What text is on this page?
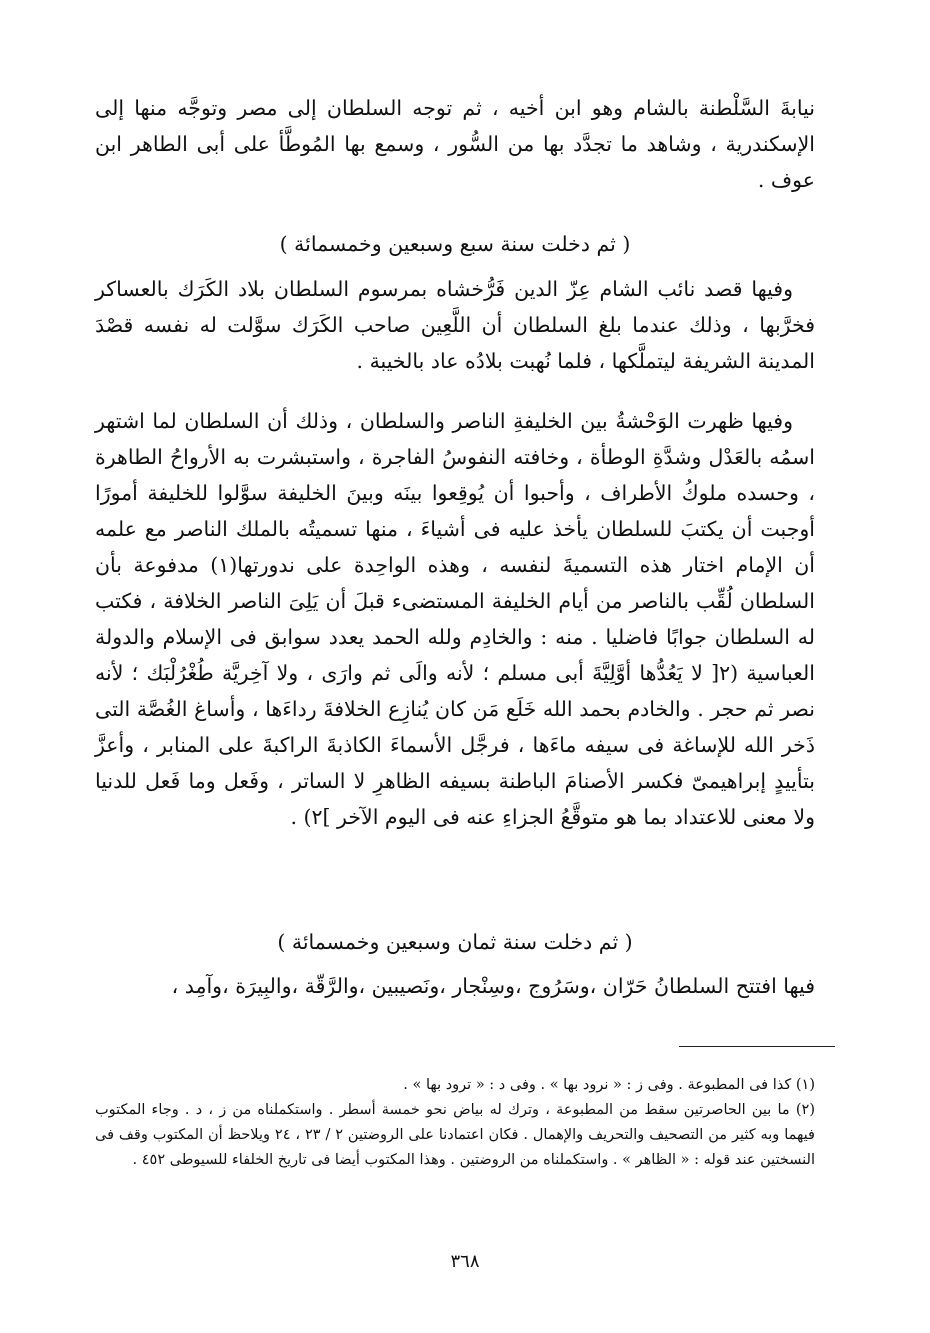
نيابةَ السَّلْطنة بالشام وهو ابن أخيه ، ثم توجه السلطان إلى مصر وتوجَّه منها إلى الإسكندرية ، وشاهد ما تجدَّد بها من السُّور ، وسمع بها المُوطَّأ على أبى الطاهر ابن عوف .

( ثم دخلت سنة سبع وسبعين وخمسمائة )

وفيها قصد نائب الشام عِزّ الدين فَرُّخشاه بمرسوم السلطان بلاد الكَرَك بالعساكر فخرَّبها ، وذلك عندما بلغ السلطان أن اللَّعِين صاحب الكَرَك سوَّلت له نفسه قصْدَ المدينة الشريفة ليتملَّكها ، فلما نُهبت بلادُه عاد بالخيبة .

وفيها ظهرت الوَحْشةُ بين الخليفةِ الناصر والسلطان ، وذلك أن السلطان لما اشتهر اسمُه بالعَدْل وشدَّةِ الوطأة ، وخافته النفوسُ الفاجرة ، واستبشرت به الأرواحُ الطاهرة ، وحسده ملوكُ الأطراف ، وأحبوا أن يُوقِعوا بينَه وبينَ الخليفة سوَّلوا للخليفة أمورًا أوجبت أن يكتبَ للسلطان يأخذ عليه فى أشياءَ ، منها تسميتُه بالملك الناصر مع علمه أن الإمام اختار هذه التسميةَ لنفسه ، وهذه الواحِدة على ندورتها(١) مدفوعة بأن السلطان لُقِّب بالناصر من أيام الخليفة المستضىء قبلَ أن يَلِىَ الناصر الخلافة ، فكتب له السلطان جوابًا فاضليا . منه : والخادِم ولله الحمد يعدد سوابق فى الإسلام والدولة العباسية (٢[ لا يَعُدُّها أوَّلِيَّةَ أبى مسلم ؛ لأنه والَى ثم وارَى ، ولا آخِريَّة طُغْرُلْبَك ؛ لأنه نصر ثم حجر . والخادم بحمد الله خَلَع مَن كان يُنازِع الخلافةَ رداءَها ، وأساغ الغُصَّة التى ذَخر الله للإساغة فى سيفه ماءَها ، فرجَّل الأسماءَ الكاذبةَ الراكبةَ على المنابر ، وأعزَّ بتأييدٍ إبراهيمىّ فكسر الأصنامَ الباطنة بسيفه الظاهرِ لا الساتر ، وفَعل وما فَعل للدنيا ولا معنى للاعتداد بما هو متوقَّعُ الجزاءِ عنه فى اليوم الآخر ]٢) .

( ثم دخلت سنة ثمان وسبعين وخمسمائة )

فيها افتتح السلطانُ حَرّان ،وسَرُوج ،وسِنْجار ،ونَصيبين ،والرَّقّة ،والبِيرَة ،وآمِد ،

(١) كذا فى المطبوعة . وفى ز : « نرود بها » . وفى د : « ترود بها » .

(٢) ما بين الحاصرتين سقط من المطبوعة ، وترك له بياض نحو خمسة أسطر . واستكملناه من ز ، د . وجاء المكتوب فيهما وبه كثير من التصحيف والتحريف والإهمال . فكان اعتمادنا على الروضتين ٢ / ٢٣ ، ٢٤ ويلاحظ أن المكتوب وقف فى النسختين عند قوله : « الظاهر » . واستكملناه من الروضتين . وهذا المكتوب أيضا فى تاريخ الخلفاء للسيوطى ٤٥٢ .

٣٦٨
